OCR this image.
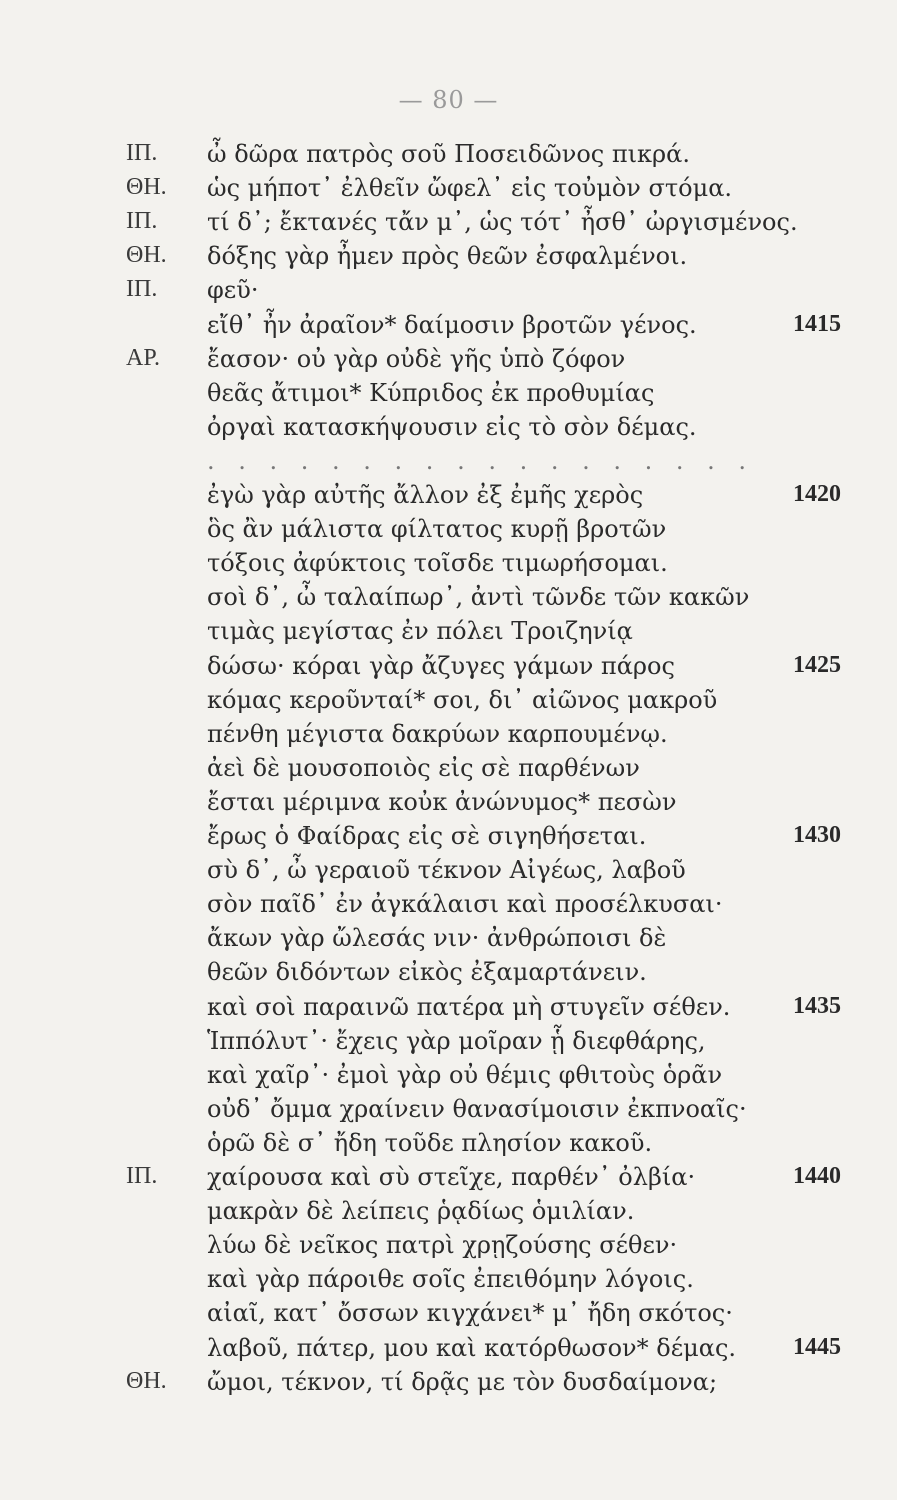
— 80 —
ΙΠ. ὦ δῶρα πατρὸς σοῦ Ποσειδῶνος πικρά.
ΘΗ. ὡς μήποτ᾽ ἐλθεῖν ὤφελ᾽ εἰς τοὐμὸν στόμα.
ΙΠ. τί δ᾽; ἔκτανές τἄν μ᾽, ὡς τότ᾽ ἦσθ᾽ ὠργισμένος.
ΘΗ. δόξης γὰρ ἦμεν πρὸς θεῶν ἐσφαλμένοι.
ΙΠ. φεῦ·
εἴθ᾽ ἦν ἀραῖον* δαίμοσιν βροτῶν γένος.	1415
ΑΡ. ἔασον· οὐ γὰρ οὐδὲ γῆς ὑπὸ ζόφον
θεᾶς ἄτιμοι* Κύπριδος ἐκ προθυμίας
ὀργαὶ κατασκήψουσιν εἰς τὸ σὸν δέμας.
. . . . . . . . . . . . . . . . . .
ἐγὼ γὰρ αὐτῆς ἄλλον ἐξ ἐμῆς χερὸς	1420
ὃς ἂν μάλιστα φίλτατος κυρῇ βροτῶν
τόξοις ἀφύκτοις τοῖσδε τιμωρήσομαι.
σοὶ δ᾽, ὦ ταλαίπωρ᾽, ἀντὶ τῶνδε τῶν κακῶν
τιμὰς μεγίστας ἐν πόλει Τροιζηνίᾳ
δώσω· κόραι γὰρ ἄζυγες γάμων πάρος	1425
κόμας κεροῦνταί* σοι, δι᾽ αἰῶνος μακροῦ
πένθη μέγιστα δακρύων καρπουμένῳ.
ἀεὶ δὲ μουσοποιὸς εἰς σὲ παρθένων
ἔσται μέριμνα κοὐκ ἀνώνυμος* πεσὼν
ἔρως ὁ Φαίδρας εἰς σὲ σιγηθήσεται.	1430
σὺ δ᾽, ὦ γεραιοῦ τέκνον Αἰγέως, λαβοῦ
σὸν παῖδ᾽ ἐν ἀγκάλαισι καὶ προσέλκυσαι·
ἄκων γὰρ ὤλεσάς νιν· ἀνθρώποισι δὲ
θεῶν διδόντων εἰκὸς ἐξαμαρτάνειν.
καὶ σοὶ παραινῶ πατέρα μὴ στυγεῖν σέθεν.	1435
Ἱππόλυτ᾽· ἔχεις γὰρ μοῖραν ᾗ διεφθάρης,
καὶ χαῖρ᾽· ἐμοὶ γὰρ οὐ θέμις φθιτοὺς ὁρᾶν
οὐδ᾽ ὄμμα χραίνειν θανασίμοισιν ἐκπνοαῖς·
ὁρῶ δὲ σ᾽ ἤδη τοῦδε πλησίον κακοῦ.
ΙΠ. χαίρουσα καὶ σὺ στεῖχε, παρθέν᾽ ὀλβία·	1440
μακρὰν δὲ λείπεις ῥᾳδίως ὁμιλίαν.
λύω δὲ νεῖκος πατρὶ χρῃζούσης σέθεν·
καὶ γὰρ πάροιθε σοῖς ἐπειθόμην λόγοις.
αἰαῖ, κατ᾽ ὄσσων κιγχάνει* μ᾽ ἤδη σκότος·
λαβοῦ, πάτερ, μου καὶ κατόρθωσον* δέμας. 1445
ΘΗ. ὤμοι, τέκνον, τί δρᾷς με τὸν δυσδαίμονα;
